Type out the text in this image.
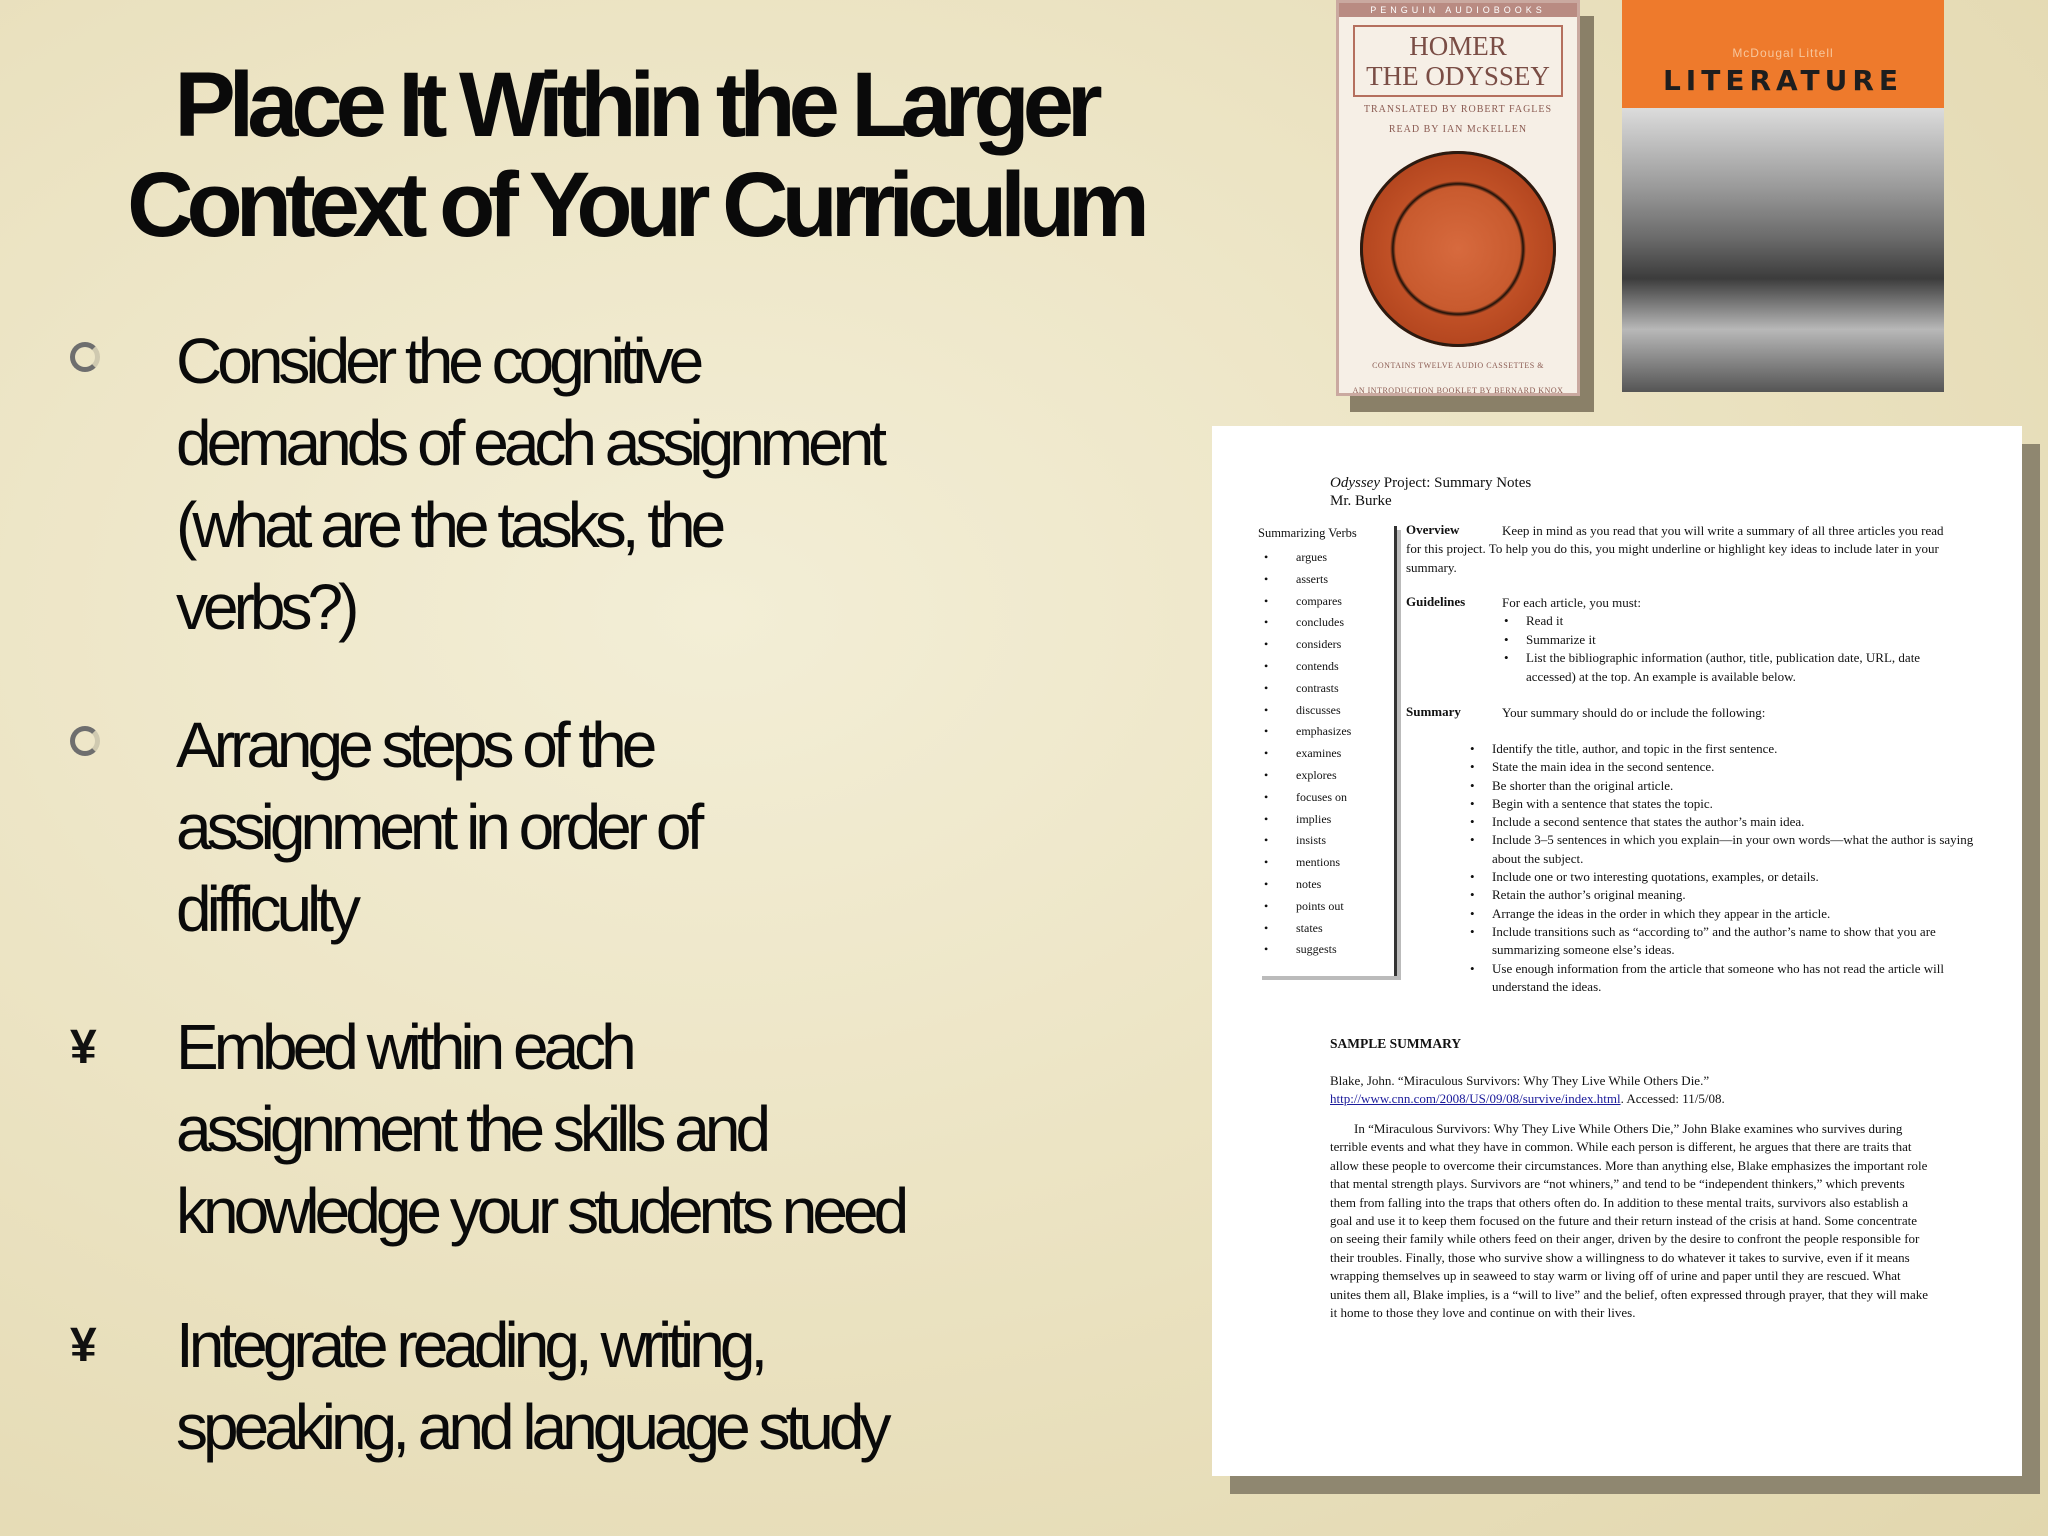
Place It Within the Larger
Context of Your Curriculum
Consider the cognitive
demands of each assignment
(what are the tasks, the
verbs?)
Arrange steps of the
assignment in order of
difficulty
¥ Embed within each
assignment the skills and
knowledge your students need
¥ Integrate reading, writing,
speaking, and language study
PENGUIN AUDIOBOOKS
HOMER
THE ODYSSEY
TRANSLATED BY ROBERT FAGLES
READ BY IAN McKELLEN
CONTAINS TWELVE AUDIO CASSETTES &
AN INTRODUCTION BOOKLET BY BERNARD KNOX
McDougal Littell
LITERATURE
Odyssey Project: Summary Notes
Mr. Burke
Summarizing Verbs
• argues
• asserts
• compares
• concludes
• considers
• contends
• contrasts
• discusses
• emphasizes
• examines
• explores
• focuses on
• implies
• insists
• mentions
• notes
• points out
• states
• suggests
Overview	Keep in mind as you read that you will write a summary of all three articles you read for this project. To help you do this, you might underline or highlight key ideas to include later in your summary.
Guidelines	For each article, you must:
• Read it
• Summarize it
• List the bibliographic information (author, title, publication date, URL, date accessed) at the top. An example is available below.
Summary	Your summary should do or include the following:
• Identify the title, author, and topic in the first sentence.
• State the main idea in the second sentence.
• Be shorter than the original article.
• Begin with a sentence that states the topic.
• Include a second sentence that states the author’s main idea.
• Include 3–5 sentences in which you explain—in your own words—what the author is saying about the subject.
• Include one or two interesting quotations, examples, or details.
• Retain the author’s original meaning.
• Arrange the ideas in the order in which they appear in the article.
• Include transitions such as “according to” and the author’s name to show that you are summarizing someone else’s ideas.
• Use enough information from the article that someone who has not read the article will understand the ideas.
SAMPLE SUMMARY
Blake, John. “Miraculous Survivors: Why They Live While Others Die.”
http://www.cnn.com/2008/US/09/08/survive/index.html. Accessed: 11/5/08.
In “Miraculous Survivors: Why They Live While Others Die,” John Blake examines who survives during terrible events and what they have in common. While each person is different, he argues that there are traits that allow these people to overcome their circumstances. More than anything else, Blake emphasizes the important role that mental strength plays. Survivors are “not whiners,” and tend to be “independent thinkers,” which prevents them from falling into the traps that others often do. In addition to these mental traits, survivors also establish a goal and use it to keep them focused on the future and their return instead of the crisis at hand. Some concentrate on seeing their family while others feed on their anger, driven by the desire to confront the people responsible for their troubles. Finally, those who survive show a willingness to do whatever it takes to survive, even if it means wrapping themselves up in seaweed to stay warm or living off of urine and paper until they are rescued. What unites them all, Blake implies, is a “will to live” and the belief, often expressed through prayer, that they will make it home to those they love and continue on with their lives.
